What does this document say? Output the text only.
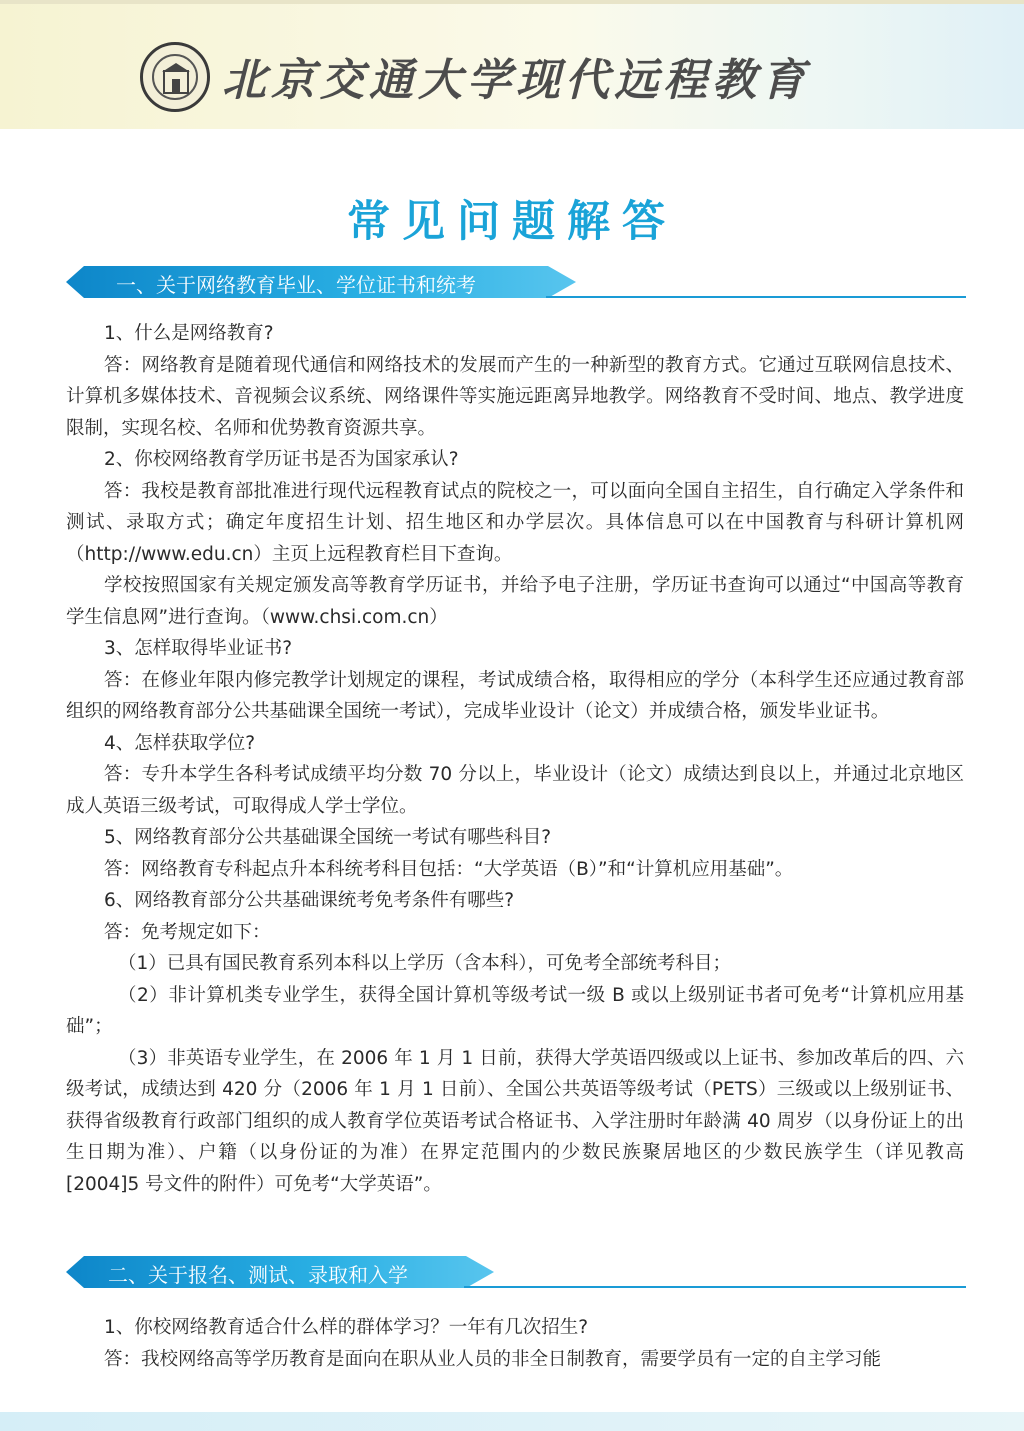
北京交通大学现代远程教育
常见问题解答
一、关于网络教育毕业、学位证书和统考

1、什么是网络教育?

答：网络教育是随着现代通信和网络技术的发展而产生的一种新型的教育方式。它通过互联网信息技术、计算机多媒体技术、音视频会议系统、网络课件等实施远距离异地教学。网络教育不受时间、地点、教学进度限制，实现名校、名师和优势教育资源共享。

2、你校网络教育学历证书是否为国家承认?

答：我校是教育部批准进行现代远程教育试点的院校之一，可以面向全国自主招生，自行确定入学条件和测试、录取方式；确定年度招生计划、招生地区和办学层次。具体信息可以在中国教育与科研计算机网（http://www.edu.cn）主页上远程教育栏目下查询。

学校按照国家有关规定颁发高等教育学历证书，并给予电子注册，学历证书查询可以通过“中国高等教育学生信息网”进行查询。（www.chsi.com.cn）

3、怎样取得毕业证书?

答：在修业年限内修完教学计划规定的课程，考试成绩合格，取得相应的学分（本科学生还应通过教育部组织的网络教育部分公共基础课全国统一考试），完成毕业设计（论文）并成绩合格，颁发毕业证书。

4、怎样获取学位?

答：专升本学生各科考试成绩平均分数 70 分以上，毕业设计（论文）成绩达到良以上，并通过北京地区成人英语三级考试，可取得成人学士学位。

5、网络教育部分公共基础课全国统一考试有哪些科目?

答：网络教育专科起点升本科统考科目包括：“大学英语（B）”和“计算机应用基础”。

6、网络教育部分公共基础课统考免考条件有哪些?

答：免考规定如下：

（1）已具有国民教育系列本科以上学历（含本科），可免考全部统考科目；

（2）非计算机类专业学生，获得全国计算机等级考试一级 B 或以上级别证书者可免考“计算机应用基础”；

（3）非英语专业学生，在 2006 年 1 月 1 日前，获得大学英语四级或以上证书、参加改革后的四、六级考试，成绩达到 420 分（2006 年 1 月 1 日前）、全国公共英语等级考试（PETS）三级或以上级别证书、获得省级教育行政部门组织的成人教育学位英语考试合格证书、入学注册时年龄满 40 周岁（以身份证上的出生日期为准）、户籍（以身份证的为准）在界定范围内的少数民族聚居地区的少数民族学生（详见教高 [2004]5 号文件的附件）可免考“大学英语”。

二、关于报名、测试、录取和入学

1、你校网络教育适合什么样的群体学习？一年有几次招生?

答：我校网络高等学历教育是面向在职从业人员的非全日制教育，需要学员有一定的自主学习能
